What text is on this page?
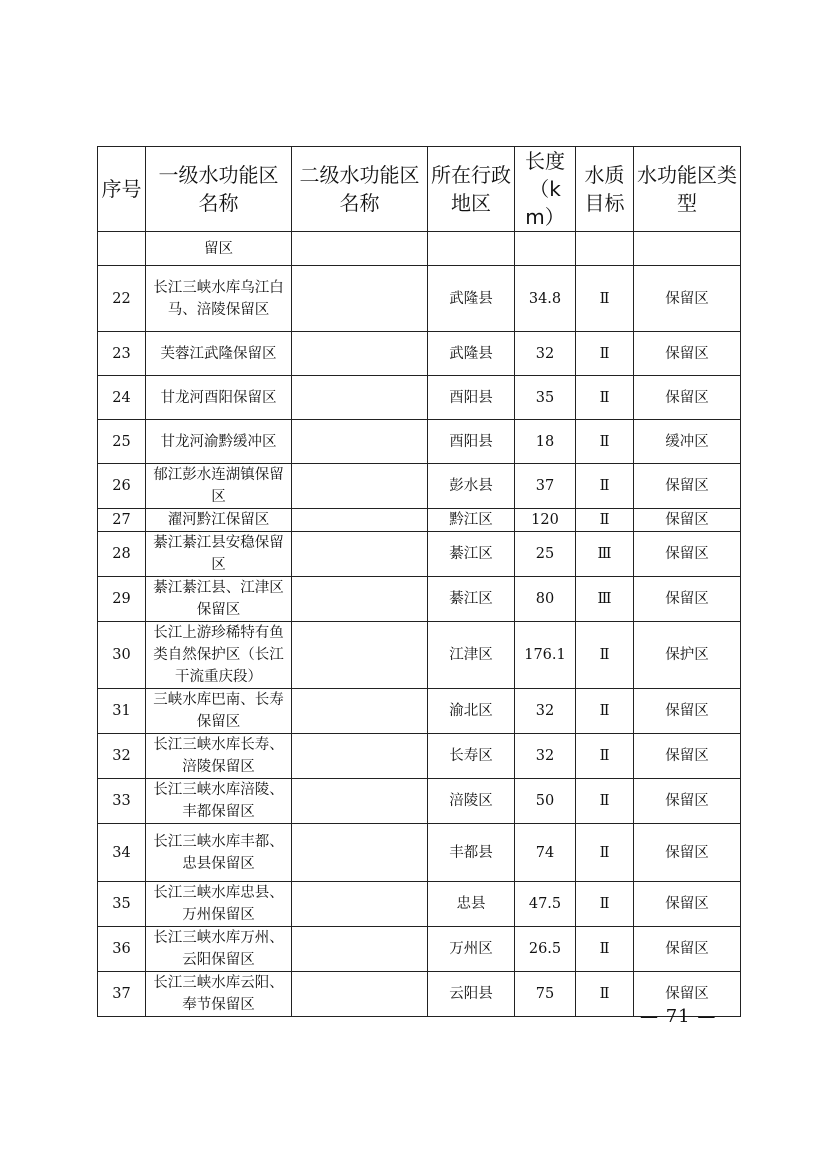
序号	一级水功能区名称	二级水功能区名称	所在行政地区	长度（km）	水质目标	水功能区类型
	留区					
22	长江三峡水库乌江白马、涪陵保留区		武隆县	34.8	Ⅱ	保留区
23	芙蓉江武隆保留区		武隆县	32	Ⅱ	保留区
24	甘龙河酉阳保留区		酉阳县	35	Ⅱ	保留区
25	甘龙河渝黔缓冲区		酉阳县	18	Ⅱ	缓冲区
26	郁江彭水连湖镇保留区		彭水县	37	Ⅱ	保留区
27	濯河黔江保留区		黔江区	120	Ⅱ	保留区
28	綦江綦江县安稳保留区		綦江区	25	Ⅲ	保留区
29	綦江綦江县、江津区保留区		綦江区	80	Ⅲ	保留区
30	长江上游珍稀特有鱼类自然保护区（长江干流重庆段）		江津区	176.1	Ⅱ	保护区
31	三峡水库巴南、长寿保留区		渝北区	32	Ⅱ	保留区
32	长江三峡水库长寿、涪陵保留区		长寿区	32	Ⅱ	保留区
33	长江三峡水库涪陵、丰都保留区		涪陵区	50	Ⅱ	保留区
34	长江三峡水库丰都、忠县保留区		丰都县	74	Ⅱ	保留区
35	长江三峡水库忠县、万州保留区		忠县	47.5	Ⅱ	保留区
36	长江三峡水库万州、云阳保留区		万州区	26.5	Ⅱ	保留区
37	长江三峡水库云阳、奉节保留区		云阳县	75	Ⅱ	保留区
— 71 —
